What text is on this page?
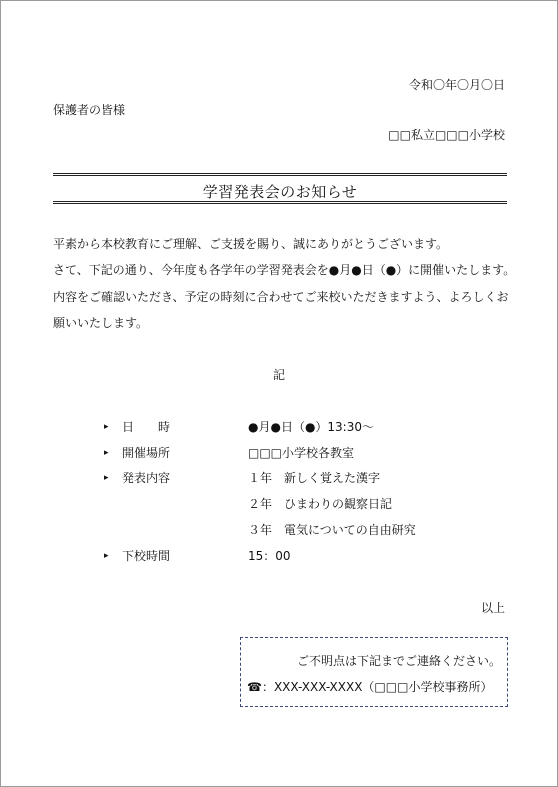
令和〇年〇月〇日
保護者の皆様
□□私立□□□小学校
学習発表会のお知らせ
平素から本校教育にご理解、ご支援を賜り、誠にありがとうございます。
さて、下記の通り、今年度も各学年の学習発表会を●月●日（●）に開催いたします。
内容をご確認いただき、予定の時刻に合わせてご来校いただきますよう、よろしくお
願いいたします。
記
▸ 日　　時	●月●日（●）13:30～
▸ 開催場所	□□□小学校各教室
▸ 発表内容	１年　新しく覚えた漢字
２年　ひまわりの観察日記
３年　電気についての自由研究
▸ 下校時間	15：00
以上
ご不明点は下記までご連絡ください。
☎：XXX-XXX-XXXX（□□□小学校事務所）
